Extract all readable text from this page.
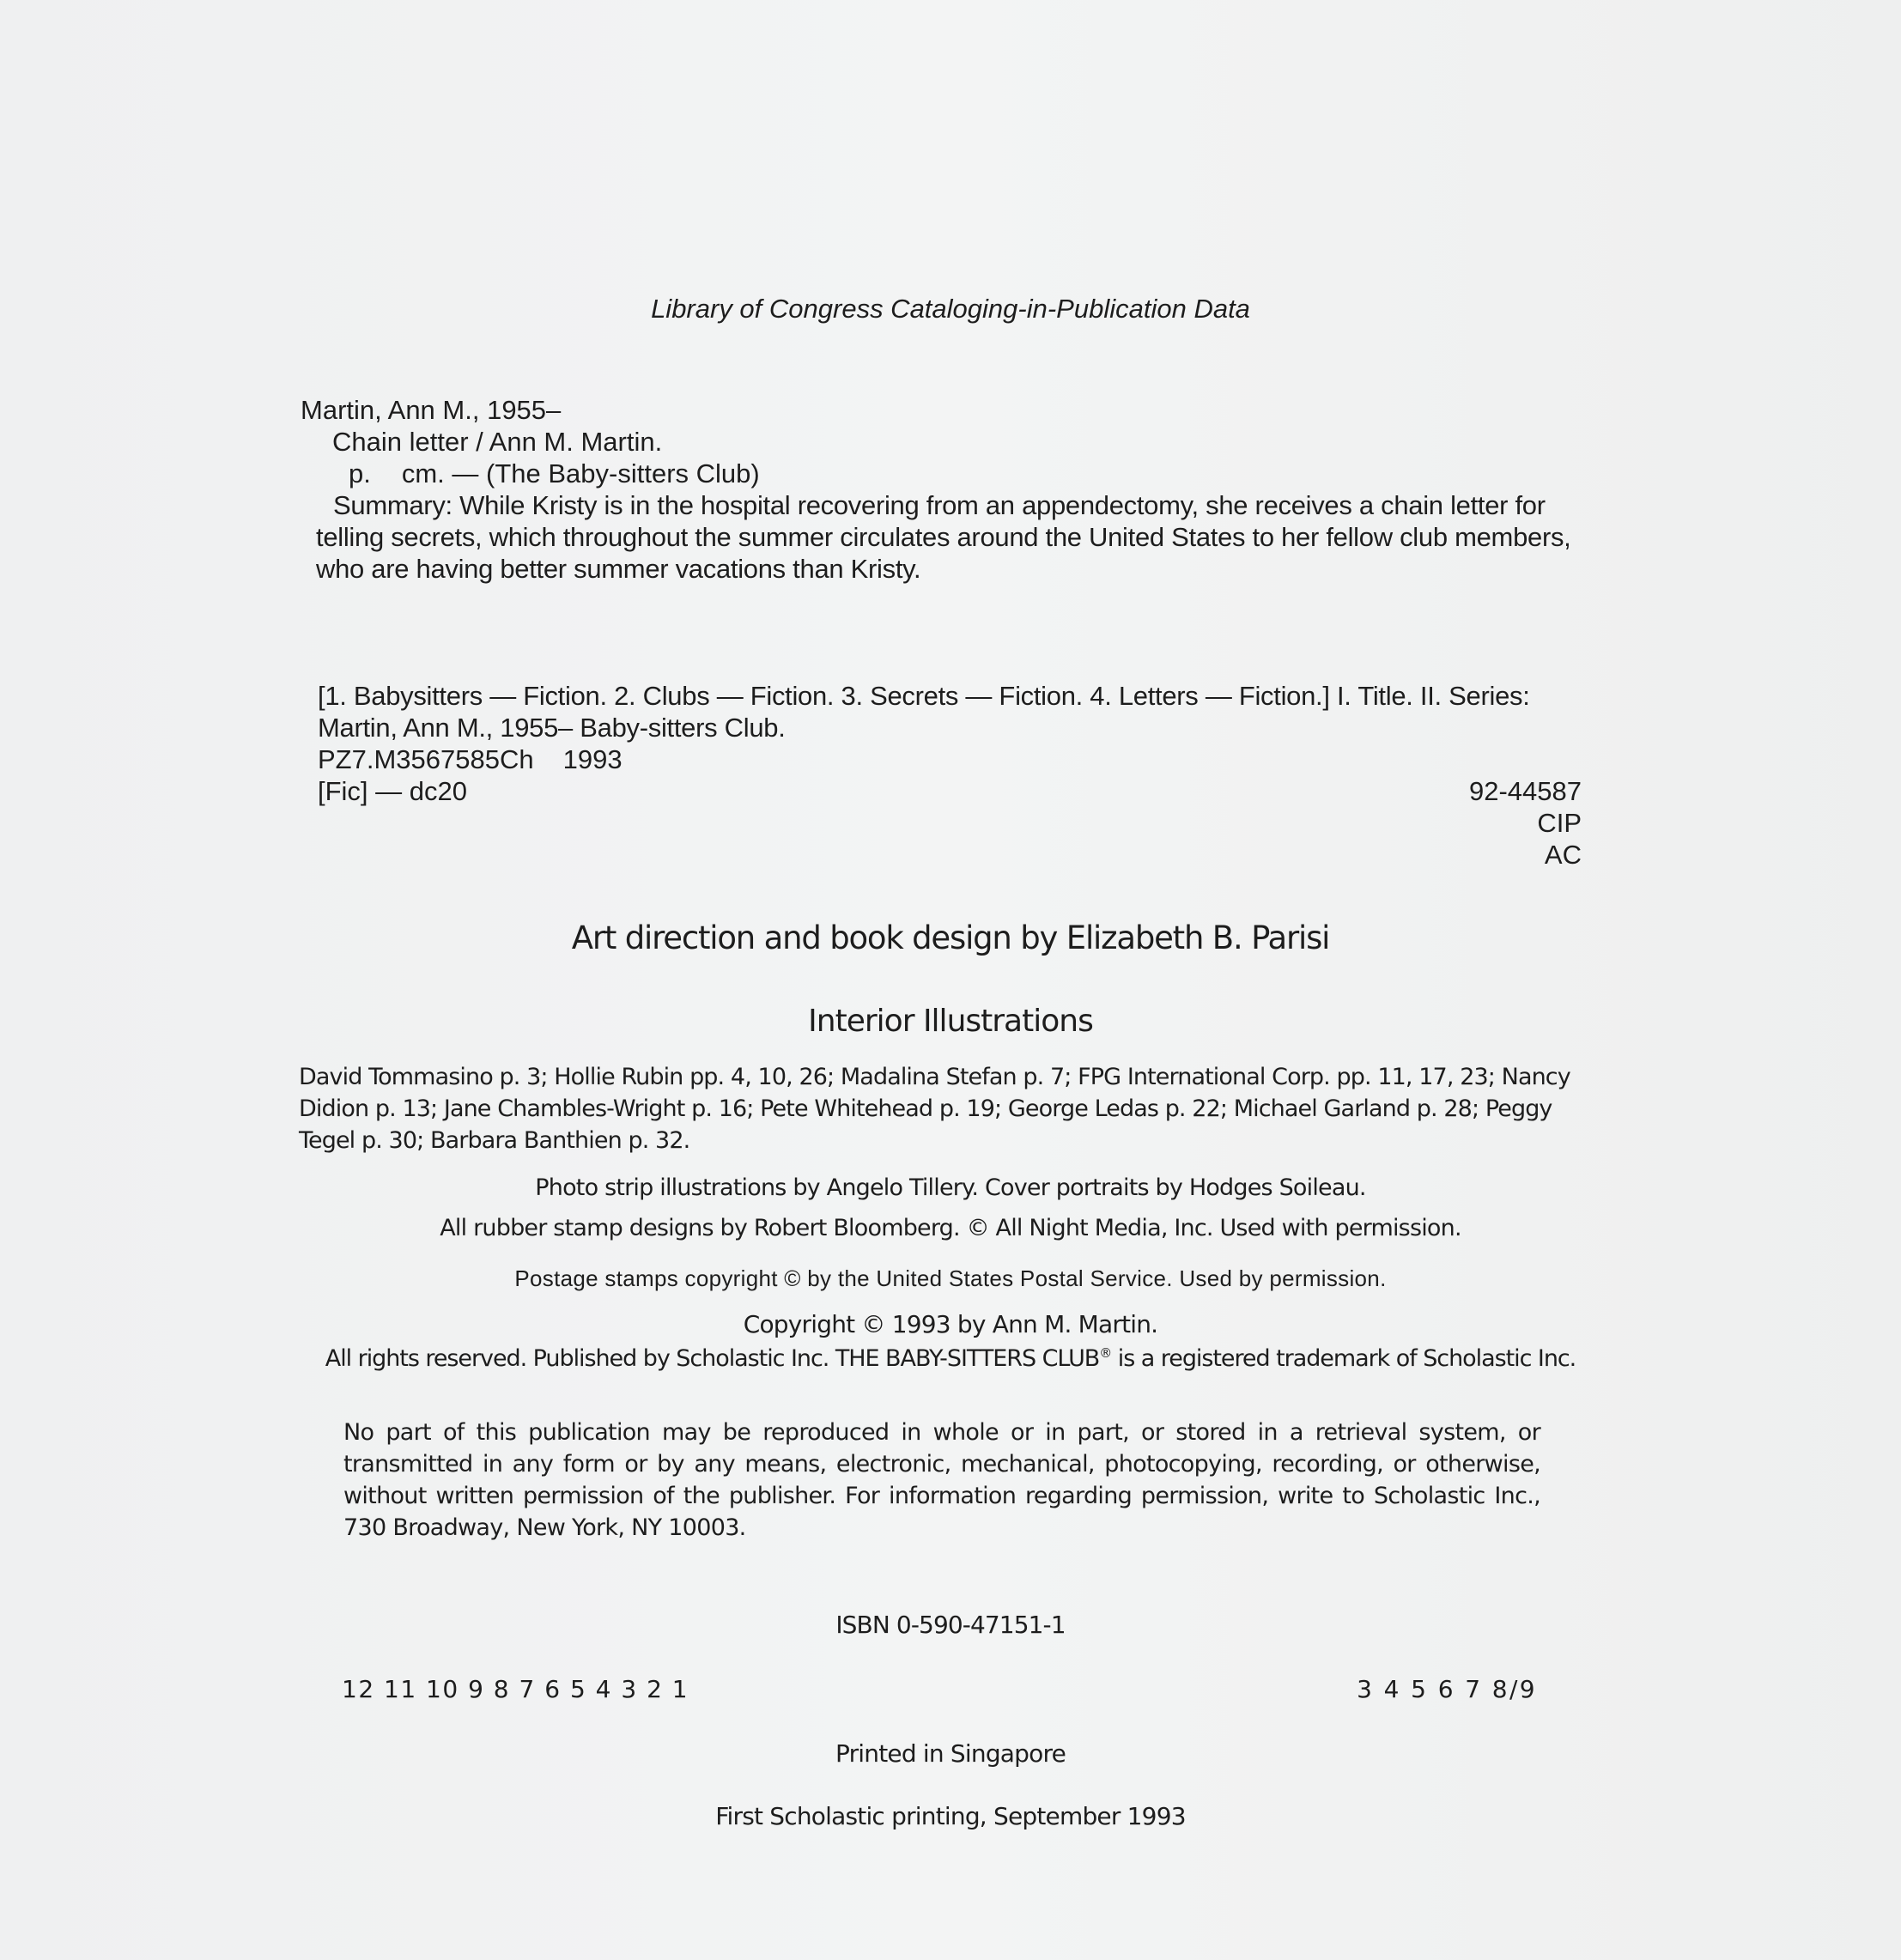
Library of Congress Cataloging-in-Publication Data
Martin, Ann M., 1955–
Chain letter / Ann M. Martin.
p. cm. — (The Baby-sitters Club)
Summary: While Kristy is in the hospital recovering from an appendectomy, she receives a chain letter for telling secrets, which throughout the summer circulates around the United States to her fellow club members, who are having better summer vacations than Kristy.
[1. Babysitters — Fiction. 2. Clubs — Fiction. 3. Secrets — Fiction. 4. Letters — Fiction.] I. Title. II. Series: Martin, Ann M., 1955– Baby-sitters Club.
PZ7.M3567585Ch 1993
[Fic] — dc20	92-44587
CIP
AC
Art direction and book design by Elizabeth B. Parisi
Interior Illustrations
David Tommasino p. 3; Hollie Rubin pp. 4, 10, 26; Madalina Stefan p. 7; FPG International Corp. pp. 11, 17, 23; Nancy Didion p. 13; Jane Chambles-Wright p. 16; Pete Whitehead p. 19; George Ledas p. 22; Michael Garland p. 28; Peggy Tegel p. 30; Barbara Banthien p. 32.
Photo strip illustrations by Angelo Tillery. Cover portraits by Hodges Soileau.
All rubber stamp designs by Robert Bloomberg. © All Night Media, Inc. Used with permission.
Postage stamps copyright © by the United States Postal Service. Used by permission.
Copyright © 1993 by Ann M. Martin.
All rights reserved. Published by Scholastic Inc. THE BABY-SITTERS CLUB® is a registered trademark of Scholastic Inc.
No part of this publication may be reproduced in whole or in part, or stored in a retrieval system, or transmitted in any form or by any means, electronic, mechanical, photocopying, recording, or otherwise, without written permission of the publisher. For information regarding permission, write to Scholastic Inc., 730 Broadway, New York, NY 10003.
ISBN 0-590-47151-1
12 11 10 9 8 7 6 5 4 3 2 1	3 4 5 6 7 8/9
Printed in Singapore
First Scholastic printing, September 1993
